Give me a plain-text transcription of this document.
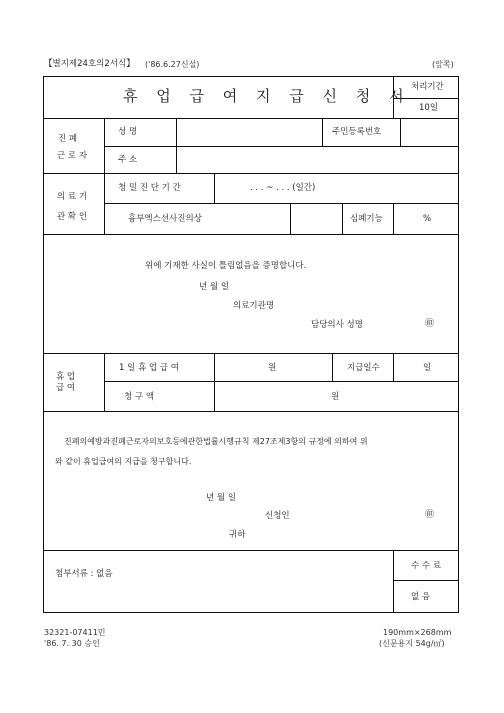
【별지제24호의2서식】 ('86.6.27신설)	(앞쪽)
휴 업 급 여 지 급 신 청 서 처리기간
10일
진 폐
근 로 자
성 명	주민등록번호
주 소
의 료 기
관 확 인
청 밀 진 단 기 간	. . . ~ . . . (일간)
흉부엑스선사진의상	심폐기능	%
위에 기재한 사실이 틀림없음을 증명합니다.
년 월 일
의료기관명
담당의사 성명	㊞
휴 업
급 여
1 일 휴 업 급 여	원	지급일수	일
청 구 액	원
진폐의예방과진폐근로자의보호등에관한법률시행규칙 제27조제3항의 규정에 의하여 위
와 같이 휴업급여의 지급을 청구합니다.
년 월 일
신청인	㊞
귀하
첨부서류 : 없음
수 수 료
없 음
32321-07411민
'86. 7. 30 승인
190mm×268mm
(신문용지 54g/㎡)
